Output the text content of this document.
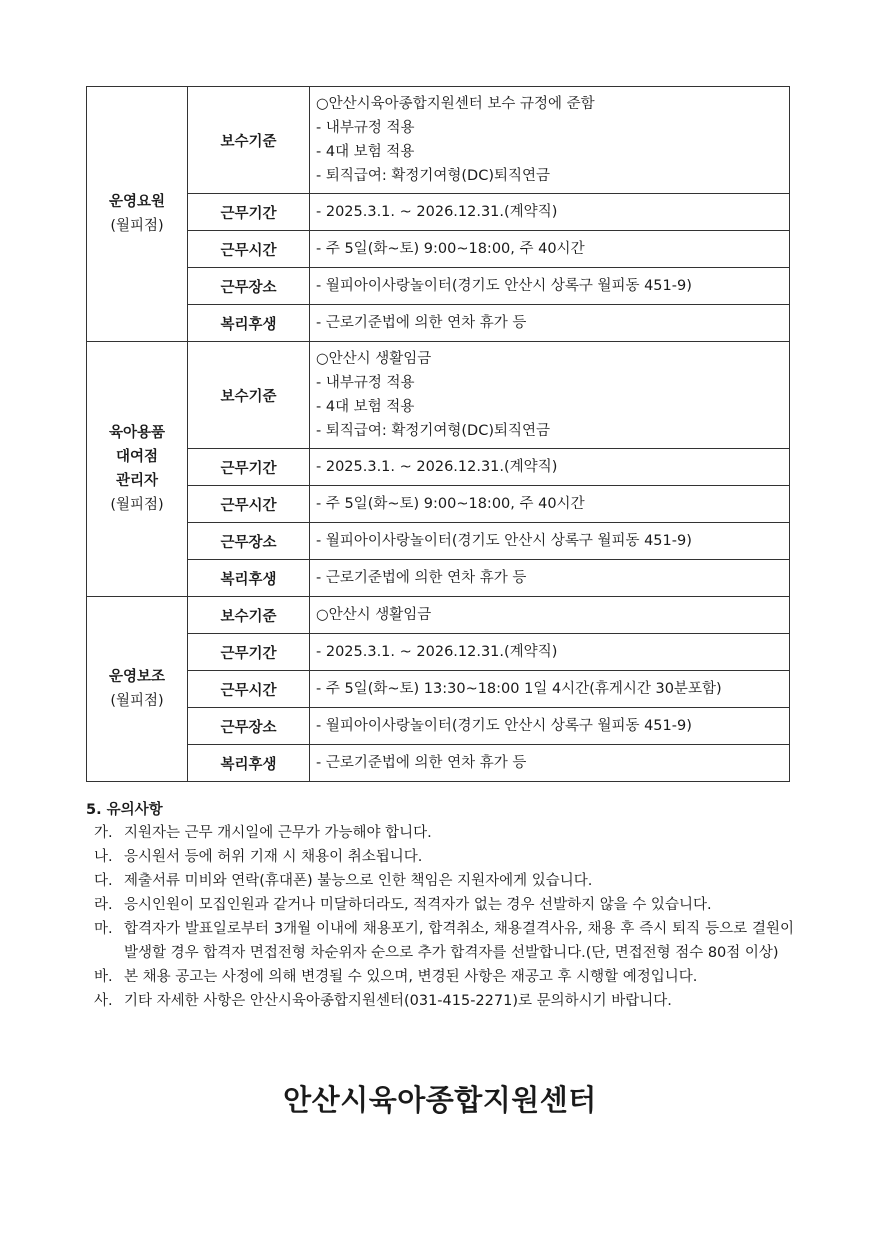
운영요원
(월피점)	보수기준	○안산시육아종합지원센터 보수 규정에 준함
- 내부규정 적용
- 4대 보험 적용
- 퇴직급여: 확정기여형(DC)퇴직연금

	근무기간	- 2025.3.1. ~ 2026.12.31.(계약직)

	근무시간	- 주 5일(화~토) 9:00~18:00, 주 40시간

	근무장소	- 월피아이사랑놀이터(경기도 안산시 상록구 월피동 451-9)

	복리후생	- 근로기준법에 의한 연차 휴가 등

육아용품
대여점
관리자
(월피점)	보수기준	○안산시 생활임금
- 내부규정 적용
- 4대 보험 적용
- 퇴직급여: 확정기여형(DC)퇴직연금

	근무기간	- 2025.3.1. ~ 2026.12.31.(계약직)

	근무시간	- 주 5일(화~토) 9:00~18:00, 주 40시간

	근무장소	- 월피아이사랑놀이터(경기도 안산시 상록구 월피동 451-9)

	복리후생	- 근로기준법에 의한 연차 휴가 등

운영보조
(월피점)	보수기준	○안산시 생활임금

	근무기간	- 2025.3.1. ~ 2026.12.31.(계약직)

	근무시간	- 주 5일(화~토) 13:30~18:00 1일 4시간(휴게시간 30분포함)

	근무장소	- 월피아이사랑놀이터(경기도 안산시 상록구 월피동 451-9)

	복리후생	- 근로기준법에 의한 연차 휴가 등
5. 유의사항
가. 지원자는 근무 개시일에 근무가 가능해야 합니다.
나. 응시원서 등에 허위 기재 시 채용이 취소됩니다.
다. 제출서류 미비와 연락(휴대폰) 불능으로 인한 책임은 지원자에게 있습니다.
라. 응시인원이 모집인원과 같거나 미달하더라도, 적격자가 없는 경우 선발하지 않을 수 있습니다.
마. 합격자가 발표일로부터 3개월 이내에 채용포기, 합격취소, 채용결격사유, 채용 후 즉시 퇴직 등으로 결원이 발생할 경우 합격자 면접전형 차순위자 순으로 추가 합격자를 선발합니다.(단, 면접전형 점수 80점 이상)
바. 본 채용 공고는 사정에 의해 변경될 수 있으며, 변경된 사항은 재공고 후 시행할 예정입니다.
사. 기타 자세한 사항은 안산시육아종합지원센터(031-415-2271)로 문의하시기 바랍니다.
안산시육아종합지원센터
